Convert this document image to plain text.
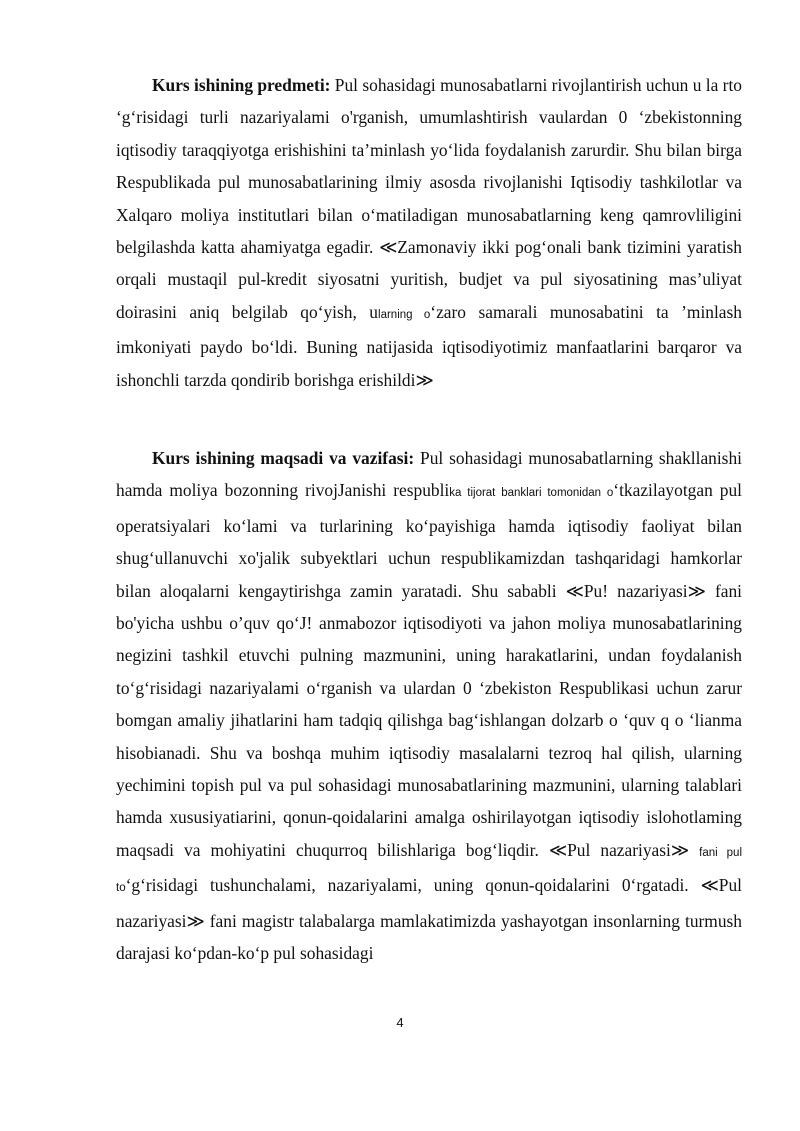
Kurs ishining predmeti: Pul sohasidagi munosabatlarni rivojlantirish uchun u la rto ‘g‘risidagi turli nazariyalami o'rganish, umumlashtirish vaulardan 0 ‘zbekistonning iqtisodiy taraqqiyotga erishishini ta’minlash yo‘lida foydalanish zarurdir. Shu bilan birga Respublikada pul munosabatlarining ilmiy asosda rivojlanishi Iqtisodiy tashkilotlar va Xalqaro moliya institutlari bilan o‘matiladigan munosabatlarning keng qamrovliligini belgilashda katta ahamiyatga egadir. ≪Zamonaviy ikki pog‘onali bank tizimini yaratish orqali mustaqil pul-kredit siyosatni yuritish, budjet va pul siyosatining mas’uliyat doirasini aniq belgilab qo‘yish, ularning o‘zaro samarali munosabatini ta ’minlash imkoniyati paydo bo‘ldi. Buning natijasida iqtisodiyotimiz manfaatlarini barqaror va ishonchli tarzda qondirib borishga erishildi≫

Kurs ishining maqsadi va vazifasi: Pul sohasidagi munosabatlarning shakllanishi hamda moliya bozonning rivojJanishi respublika tijorat banklari tomonidan o‘tkazilayotgan pul operatsiyalari ko‘lami va turlarining ko‘payishiga hamda iqtisodiy faoliyat bilan shug‘ullanuvchi xo'jalik subyektlari uchun respublikamizdan tashqaridagi hamkorlar bilan aloqalarni kengaytirishga zamin yaratadi. Shu sababli ≪Pu! nazariyasi≫ fani bo'yicha ushbu o’quv qo‘J! anmabozor iqtisodiyoti va jahon moliya munosabatlarining negizini tashkil etuvchi pulning mazmunini, uning harakatlarini, undan foydalanish to‘g‘risidagi nazariyalami o‘rganish va ulardan 0 ‘zbekiston Respublikasi uchun zarur bomgan amaliy jihatlarini ham tadqiq qilishga bag‘ishlangan dolzarb o ‘quv q o ‘lianma hisobianadi. Shu va boshqa muhim iqtisodiy masalalarni tezroq hal qilish, ularning yechimini topish pul va pul sohasidagi munosabatlarining mazmunini, ularning talablari hamda xususiyatiarini, qonun-qoidalarini amalga oshirilayotgan iqtisodiy islohotlaming maqsadi va mohiyatini chuqurroq bilishlariga bog‘liqdir. ≪Pul nazariyasi≫ fani pul to‘g‘risidagi tushunchalami, nazariyalami, uning qonun-qoidalarini 0‘rgatadi. ≪Pul nazariyasi≫ fani magistr talabalarga mamlakatimizda yashayotgan insonlarning turmush darajasi ko‘pdan-ko‘p pul sohasidagi

4
